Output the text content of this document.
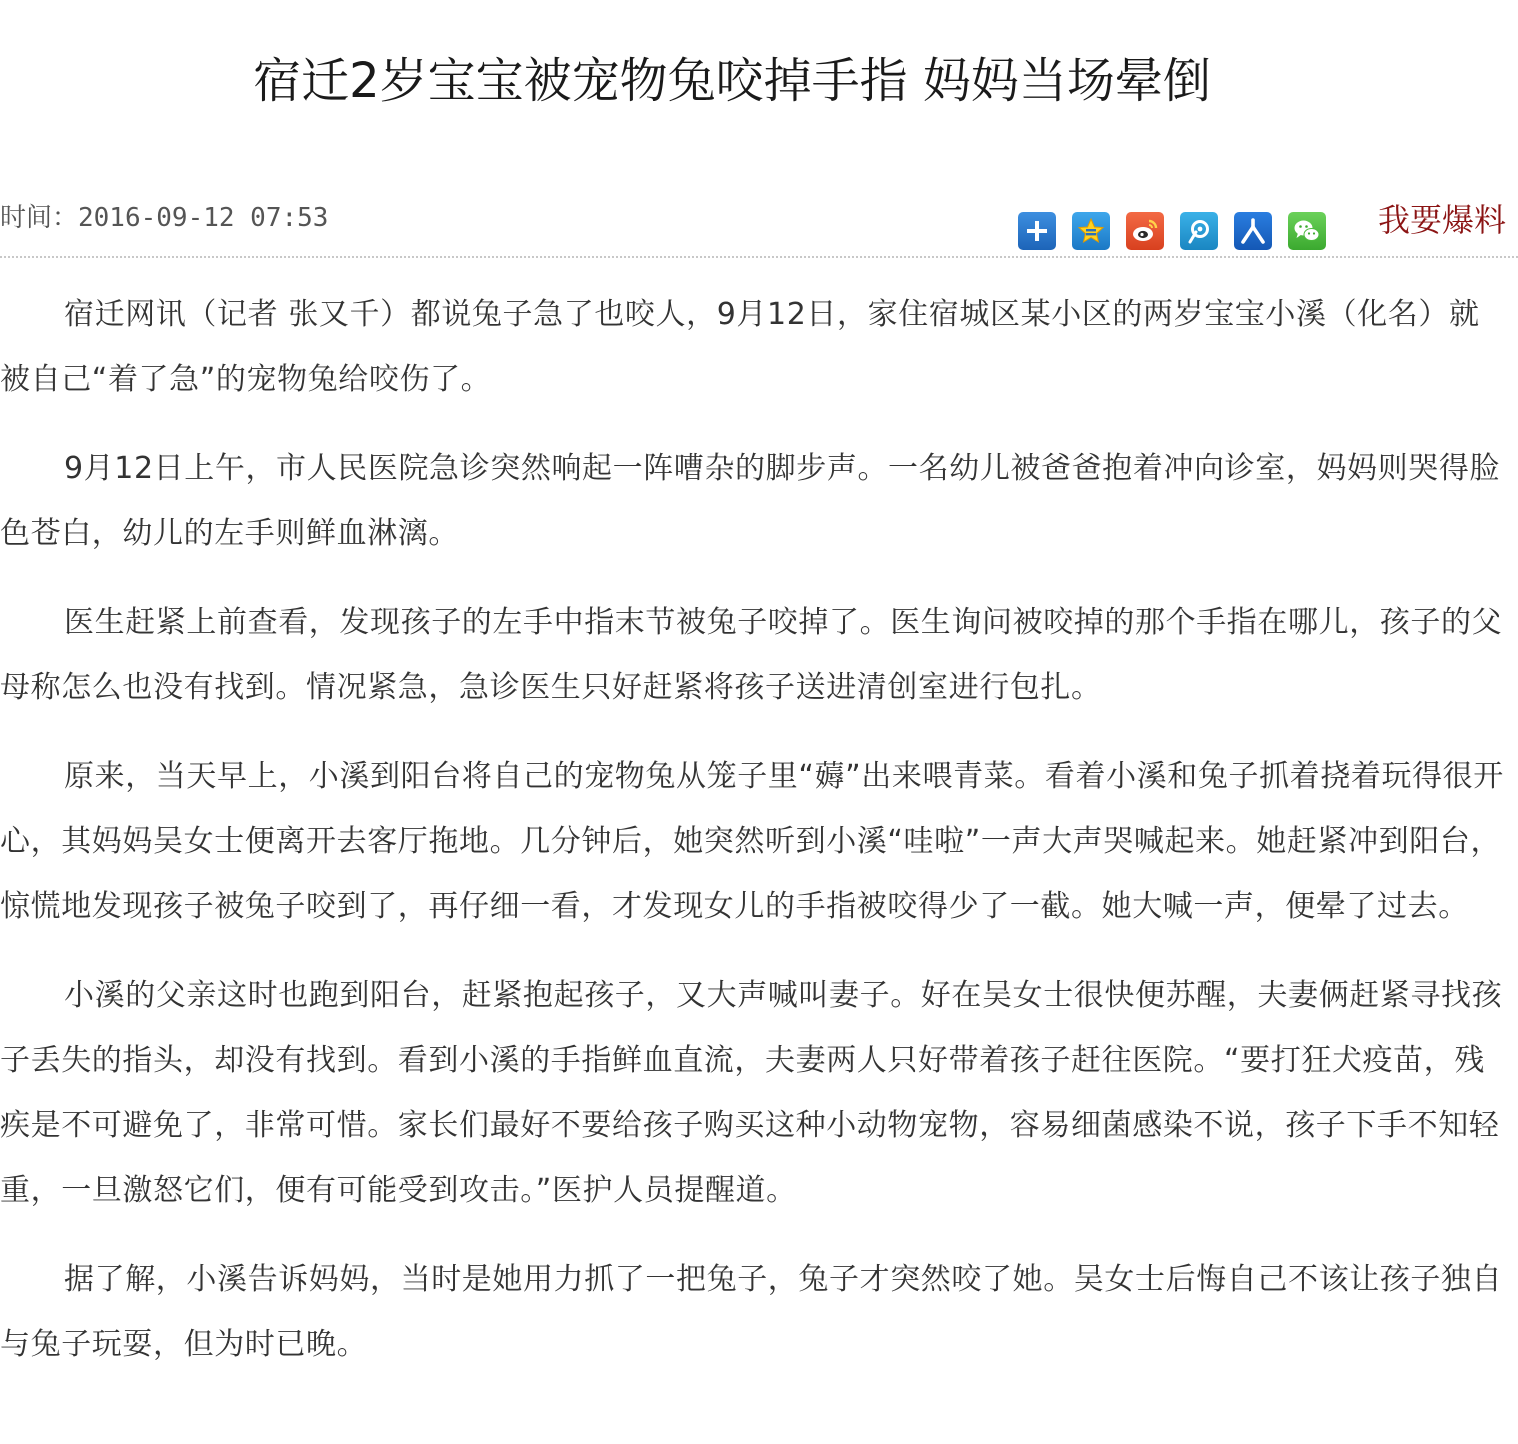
宿迁2岁宝宝被宠物兔咬掉手指 妈妈当场晕倒
时间：2016-09-12 07:53	我要爆料

宿迁网讯（记者 张又千）都说兔子急了也咬人，9月12日，家住宿城区某小区的两岁宝宝小溪（化名）就被自己“着了急”的宠物兔给咬伤了。

9月12日上午，市人民医院急诊突然响起一阵嘈杂的脚步声。一名幼儿被爸爸抱着冲向诊室，妈妈则哭得脸色苍白，幼儿的左手则鲜血淋漓。

医生赶紧上前查看，发现孩子的左手中指末节被兔子咬掉了。医生询问被咬掉的那个手指在哪儿，孩子的父母称怎么也没有找到。情况紧急，急诊医生只好赶紧将孩子送进清创室进行包扎。

原来，当天早上，小溪到阳台将自己的宠物兔从笼子里“薅”出来喂青菜。看着小溪和兔子抓着挠着玩得很开心，其妈妈吴女士便离开去客厅拖地。几分钟后，她突然听到小溪“哇啦”一声大声哭喊起来。她赶紧冲到阳台，惊慌地发现孩子被兔子咬到了，再仔细一看，才发现女儿的手指被咬得少了一截。她大喊一声，便晕了过去。

小溪的父亲这时也跑到阳台，赶紧抱起孩子，又大声喊叫妻子。好在吴女士很快便苏醒，夫妻俩赶紧寻找孩子丢失的指头，却没有找到。看到小溪的手指鲜血直流，夫妻两人只好带着孩子赶往医院。“要打狂犬疫苗，残疾是不可避免了，非常可惜。家长们最好不要给孩子购买这种小动物宠物，容易细菌感染不说，孩子下手不知轻重，一旦激怒它们，便有可能受到攻击。”医护人员提醒道。

据了解，小溪告诉妈妈，当时是她用力抓了一把兔子，兔子才突然咬了她。吴女士后悔自己不该让孩子独自与兔子玩耍，但为时已晚。
